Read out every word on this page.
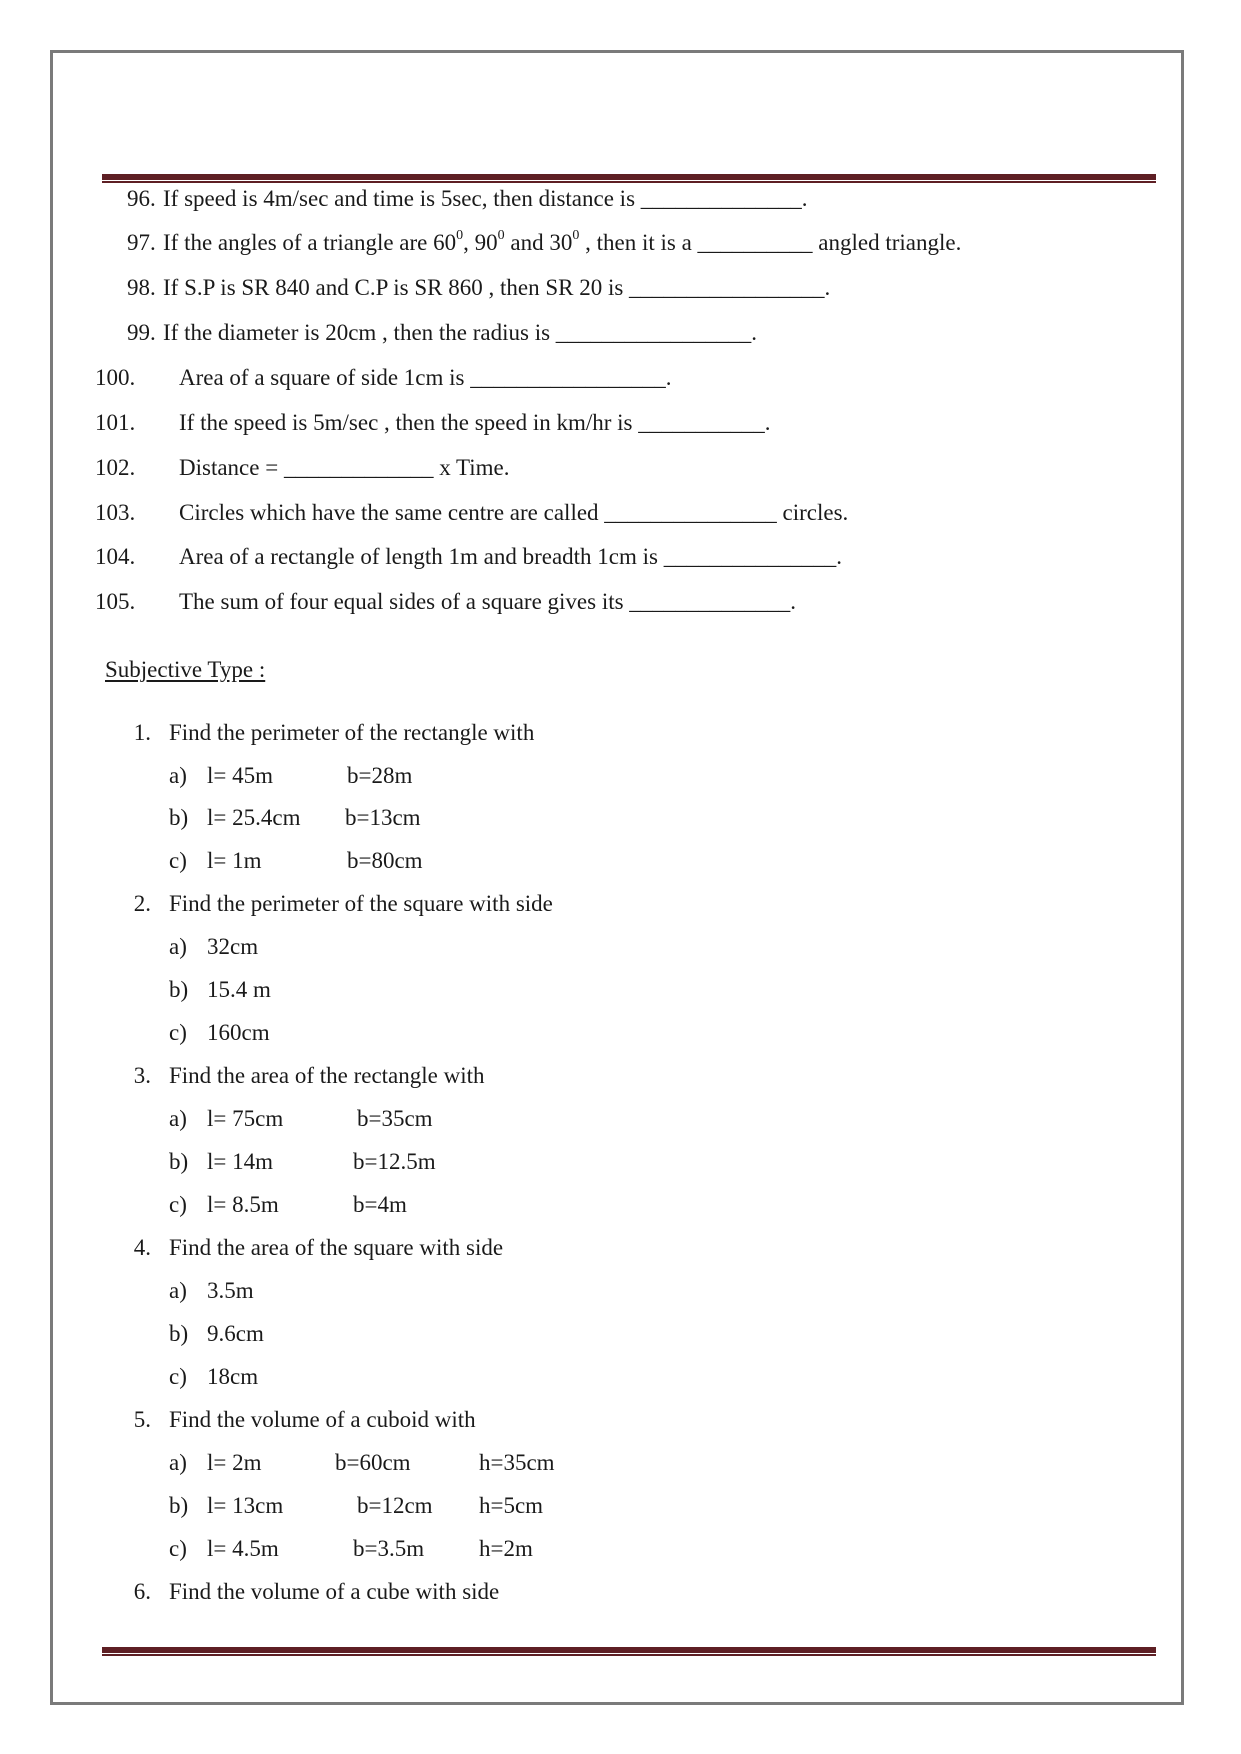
96. If speed is 4m/sec and time is 5sec, then distance is ______________.
97. If the angles of a triangle are $60^0$, $90^0$ and $30^0$ , then it is a __________ angled triangle.
98. If S.P is SR 840 and C.P is SR 860 , then SR 20 is _________________.
99. If the diameter is 20cm , then the radius is _________________.
100. Area of a square of side 1cm is _________________.
101. If the speed is 5m/sec , then the speed in km/hr is ___________.
102. Distance = _____________ x Time.
103. Circles which have the same centre are called _______________ circles.
104. Area of a rectangle of length 1m and breadth 1cm is _______________.
105. The sum of four equal sides of a square gives its ______________.
Subjective Type :
1. Find the perimeter of the rectangle with
a) l= 45m	b=28m
b) l= 25.4cm b=13cm
c) l= 1m	b=80cm
2. Find the perimeter of the square with side
a) 32cm
b) 15.4 m
c) 160cm
3. Find the area of the rectangle with
a) l= 75cm	b=35cm
b) l= 14m	b=12.5m
c) l= 8.5m	b=4m
4. Find the area of the square with side
a) 3.5m
b) 9.6cm
c) 18cm
5. Find the volume of a cuboid with
a) l= 2m	b=60cm	h=35cm
b) l= 13cm	b=12cm h=5cm
c) l= 4.5m	b=3.5m h=2m
6. Find the volume of a cube with side
